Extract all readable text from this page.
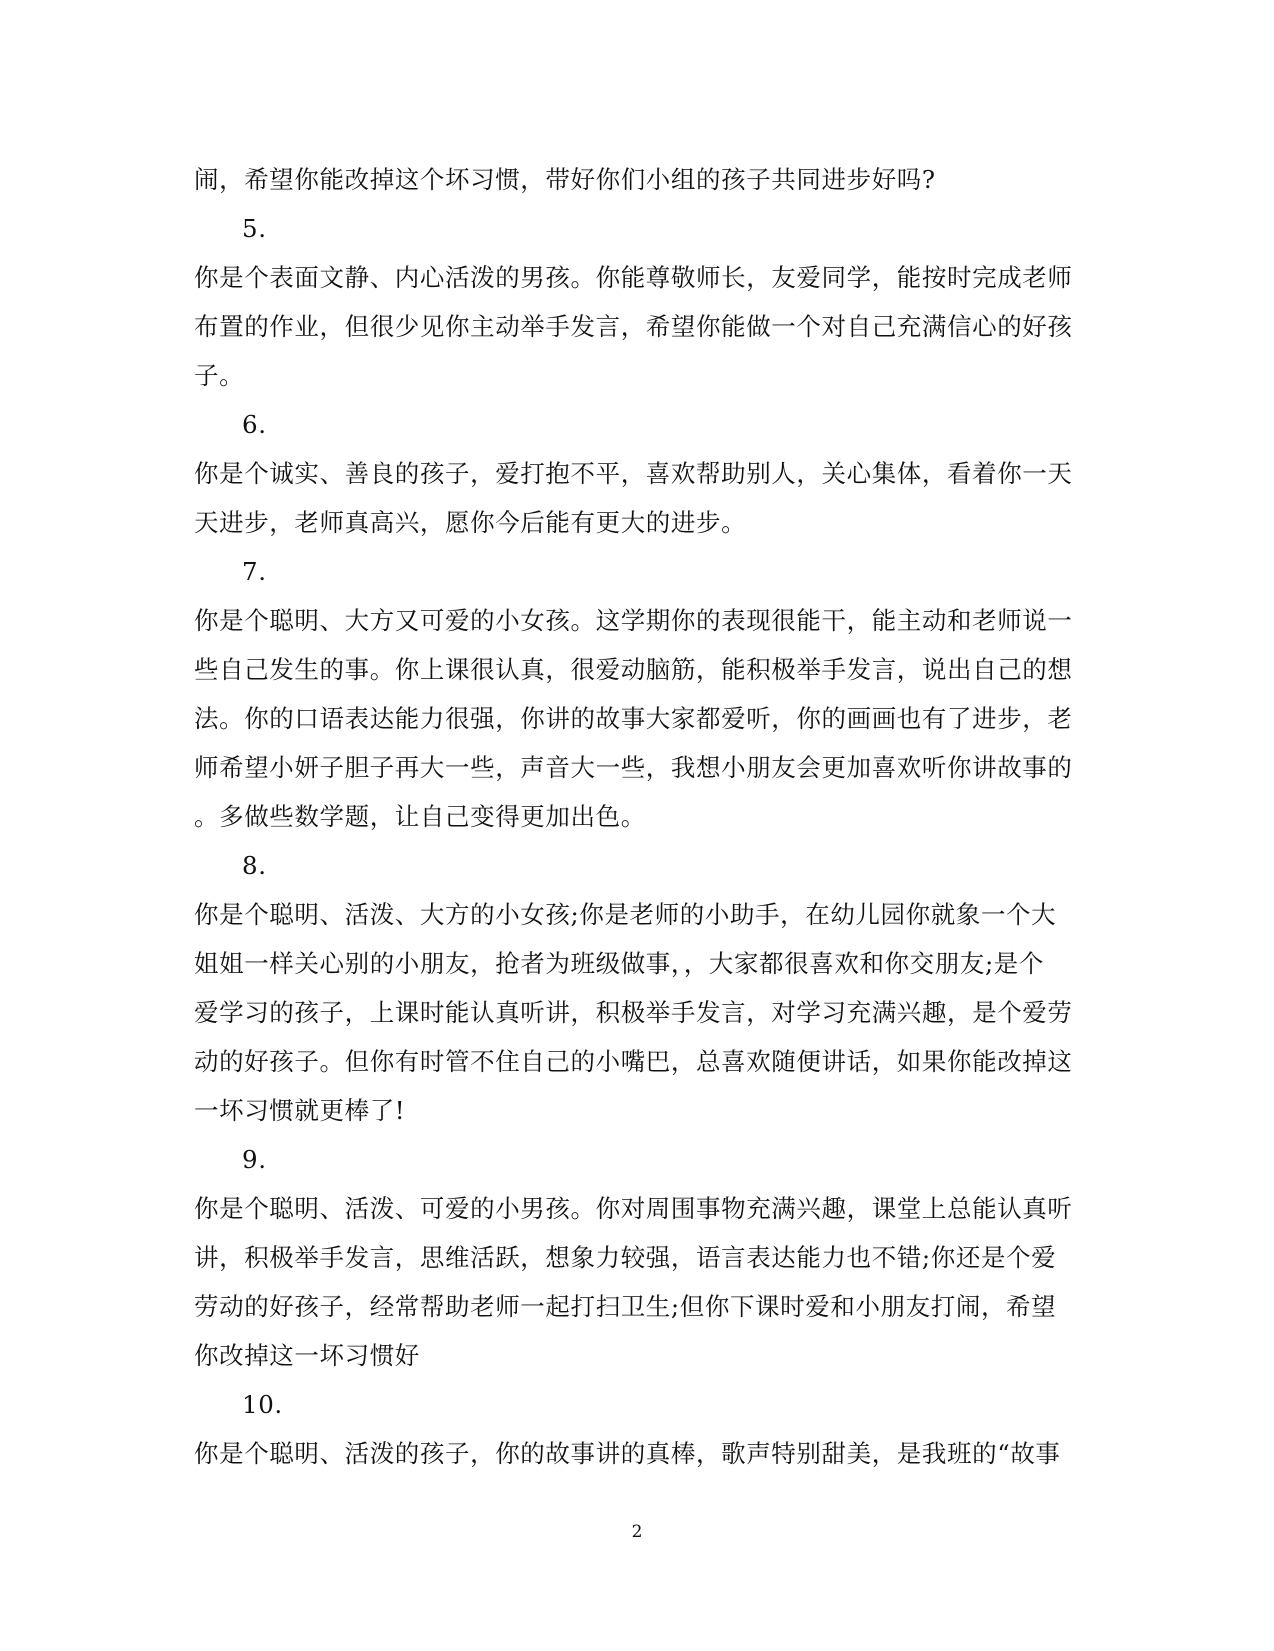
闹，希望你能改掉这个坏习惯，带好你们小组的孩子共同进步好吗?
5.
你是个表面文静、内心活泼的男孩。你能尊敬师长，友爱同学，能按时完成老师
布置的作业，但很少见你主动举手发言，希望你能做一个对自己充满信心的好孩
子。
6.
你是个诚实、善良的孩子，爱打抱不平，喜欢帮助别人，关心集体，看着你一天
天进步，老师真高兴，愿你今后能有更大的进步。
7.
你是个聪明、大方又可爱的小女孩。这学期你的表现很能干，能主动和老师说一
些自己发生的事。你上课很认真，很爱动脑筋，能积极举手发言，说出自己的想
法。你的口语表达能力很强，你讲的故事大家都爱听，你的画画也有了进步，老
师希望小妍子胆子再大一些，声音大一些，我想小朋友会更加喜欢听你讲故事的
。多做些数学题，让自己变得更加出色。
8.
你是个聪明、活泼、大方的小女孩;你是老师的小助手，在幼儿园你就象一个大
姐姐一样关心别的小朋友，抢者为班级做事，，大家都很喜欢和你交朋友;是个
爱学习的孩子，上课时能认真听讲，积极举手发言，对学习充满兴趣，是个爱劳
动的好孩子。但你有时管不住自己的小嘴巴，总喜欢随便讲话，如果你能改掉这
一坏习惯就更棒了!
9.
你是个聪明、活泼、可爱的小男孩。你对周围事物充满兴趣，课堂上总能认真听
讲，积极举手发言，思维活跃，想象力较强，语言表达能力也不错;你还是个爱
劳动的好孩子，经常帮助老师一起打扫卫生;但你下课时爱和小朋友打闹，希望
你改掉这一坏习惯好
10.
你是个聪明、活泼的孩子，你的故事讲的真棒，歌声特别甜美，是我班的“故事
2
